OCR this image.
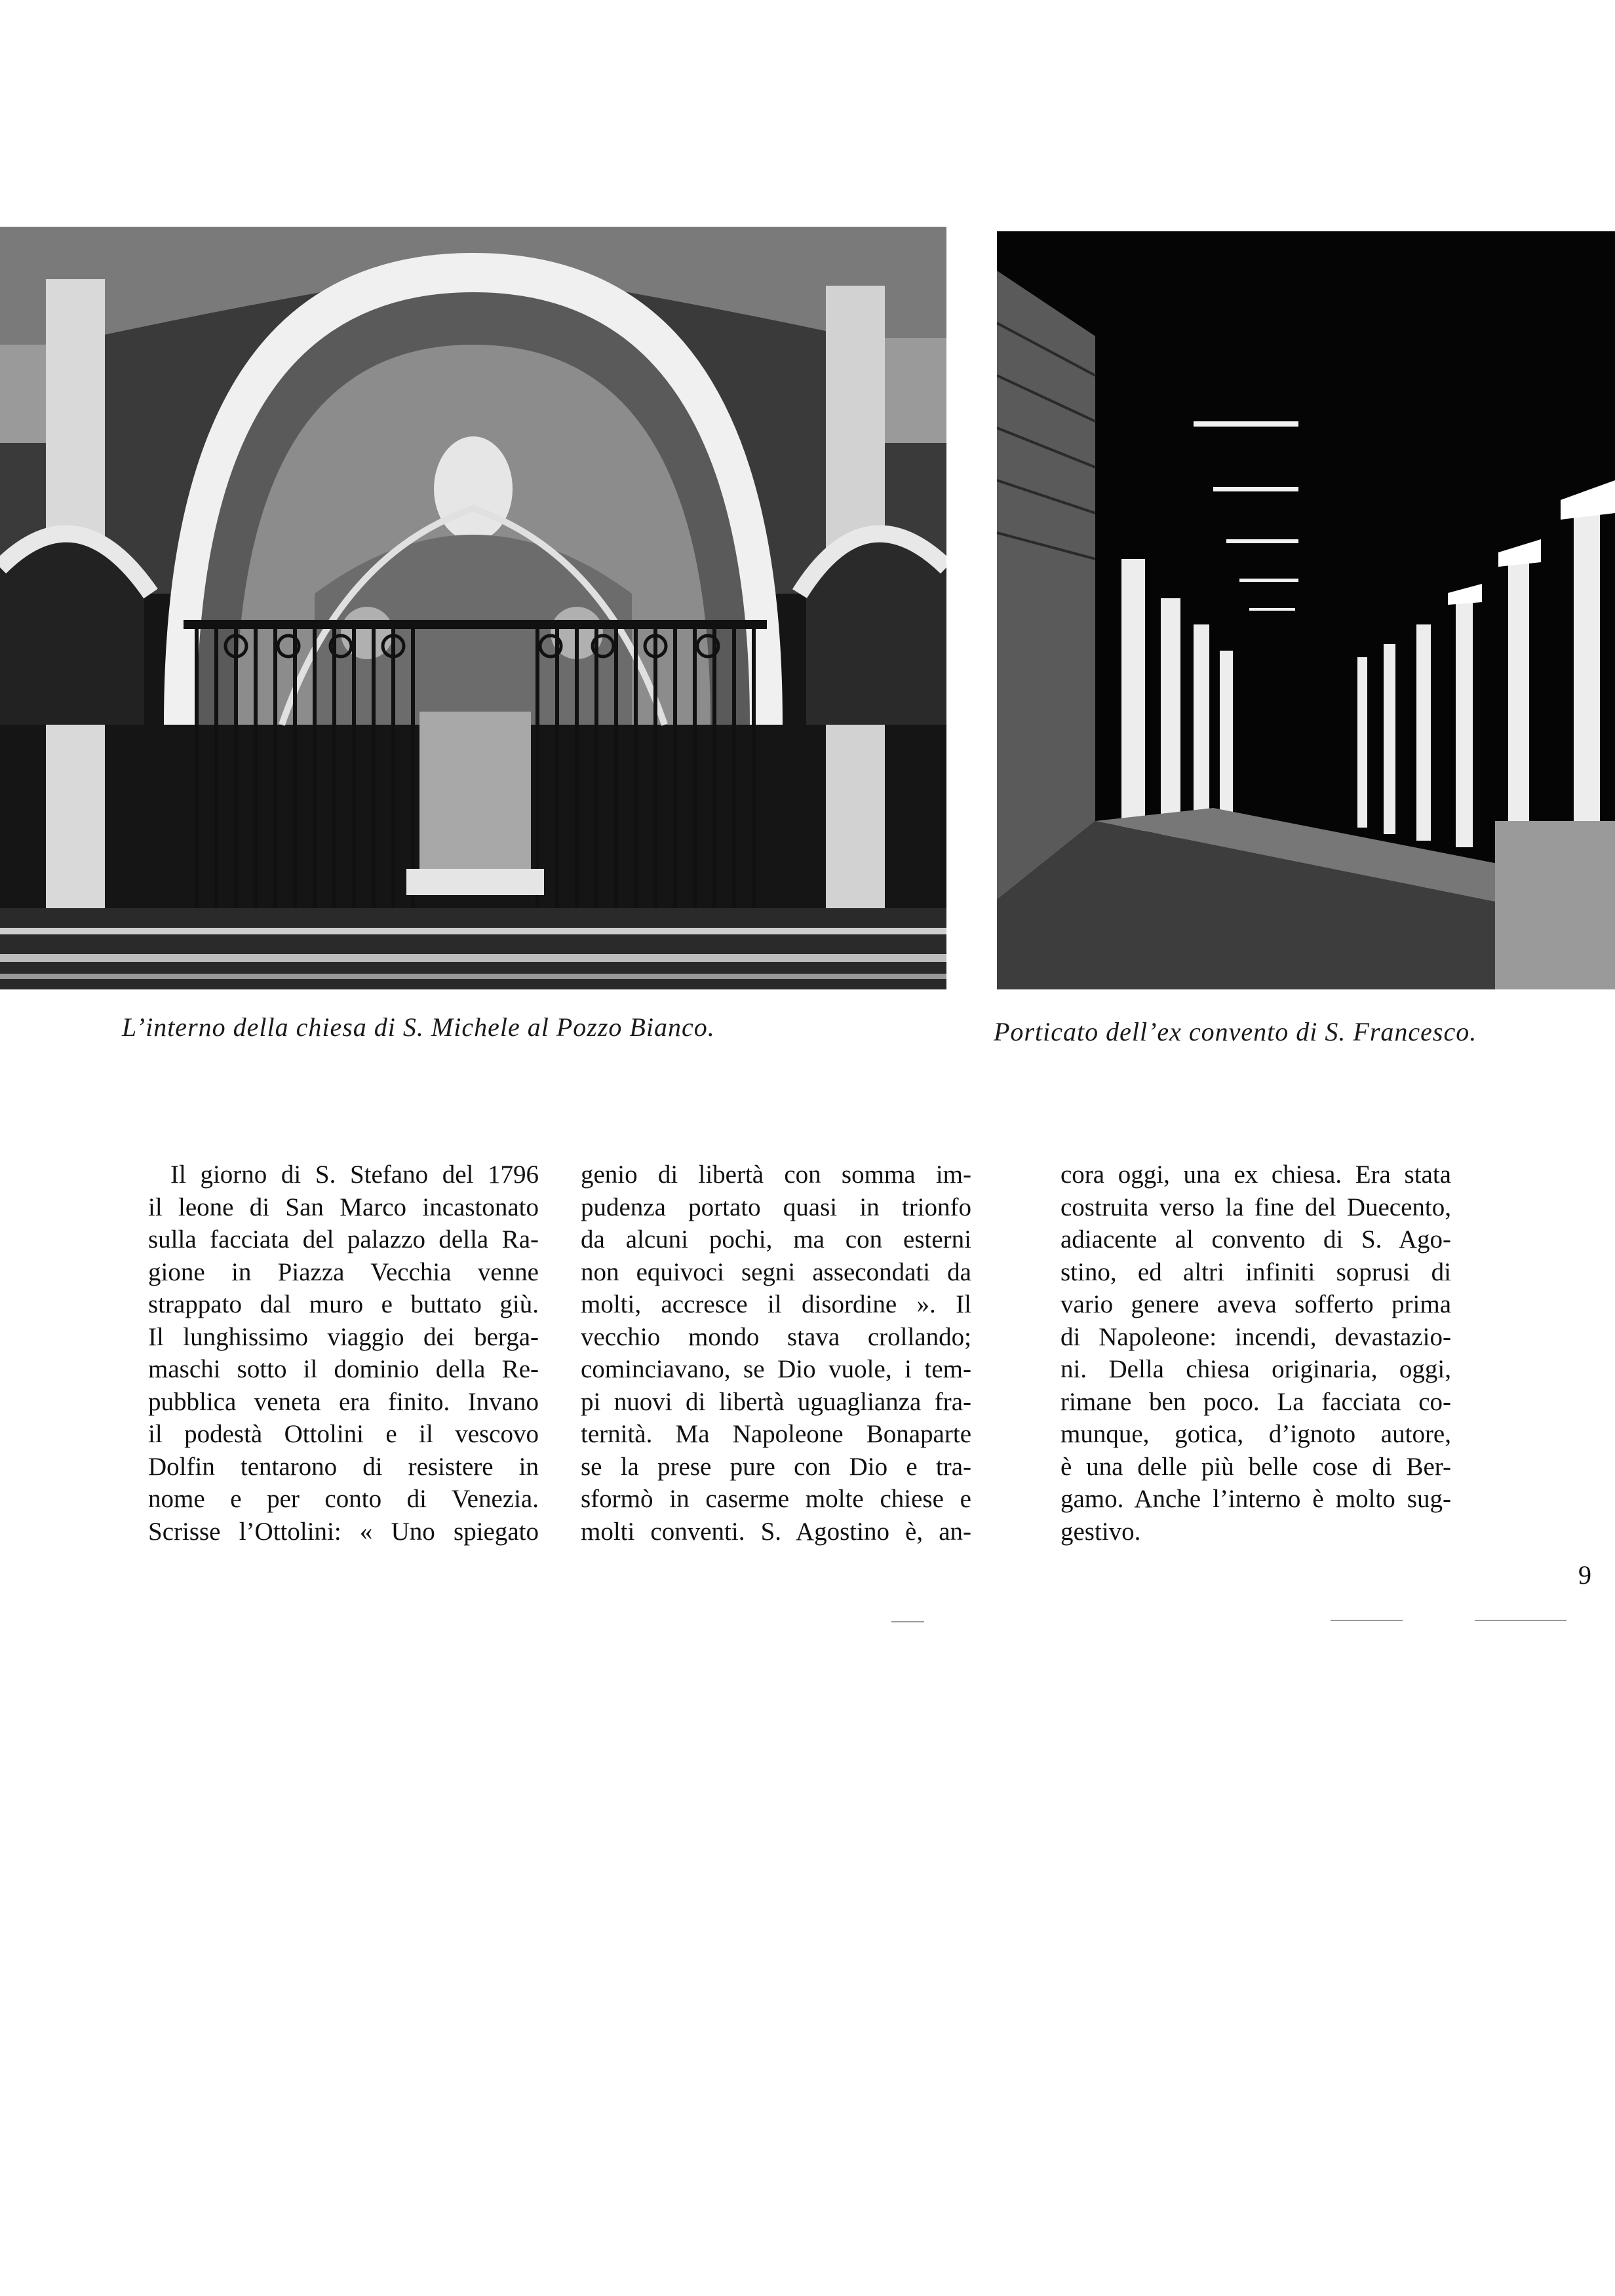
L’interno della chiesa di S. Michele al Pozzo Bianco.	Porticato dell’ex convento di S. Francesco.
Il giorno di S. Stefano del 1796
il leone di San Marco incastonato
sulla facciata del palazzo della Ra-
gione in Piazza Vecchia venne
strappato dal muro e buttato giù.
Il lunghissimo viaggio dei berga-
maschi sotto il dominio della Re-
pubblica veneta era finito. Invano
il podestà Ottolini e il vescovo
Dolfin tentarono di resistere in
nome e per conto di Venezia.
Scrisse l’Ottolini: « Uno spiegato
genio di libertà con somma im-
pudenza portato quasi in trionfo
da alcuni pochi, ma con esterni
non equivoci segni assecondati da
molti, accresce il disordine ». Il
vecchio mondo stava crollando;
cominciavano, se Dio vuole, i tem-
pi nuovi di libertà uguaglianza fra-
ternità. Ma Napoleone Bonaparte
se la prese pure con Dio e tra-
sformò in caserme molte chiese e
molti conventi. S. Agostino è, an-
cora oggi, una ex chiesa. Era stata
costruita verso la fine del Duecento,
adiacente al convento di S. Ago-
stino, ed altri infiniti soprusi di
vario genere aveva sofferto prima
di Napoleone: incendi, devastazio-
ni. Della chiesa originaria, oggi,
rimane ben poco. La facciata co-
munque, gotica, d’ignoto autore,
è una delle più belle cose di Ber-
gamo. Anche l’interno è molto sug-
gestivo.
9
